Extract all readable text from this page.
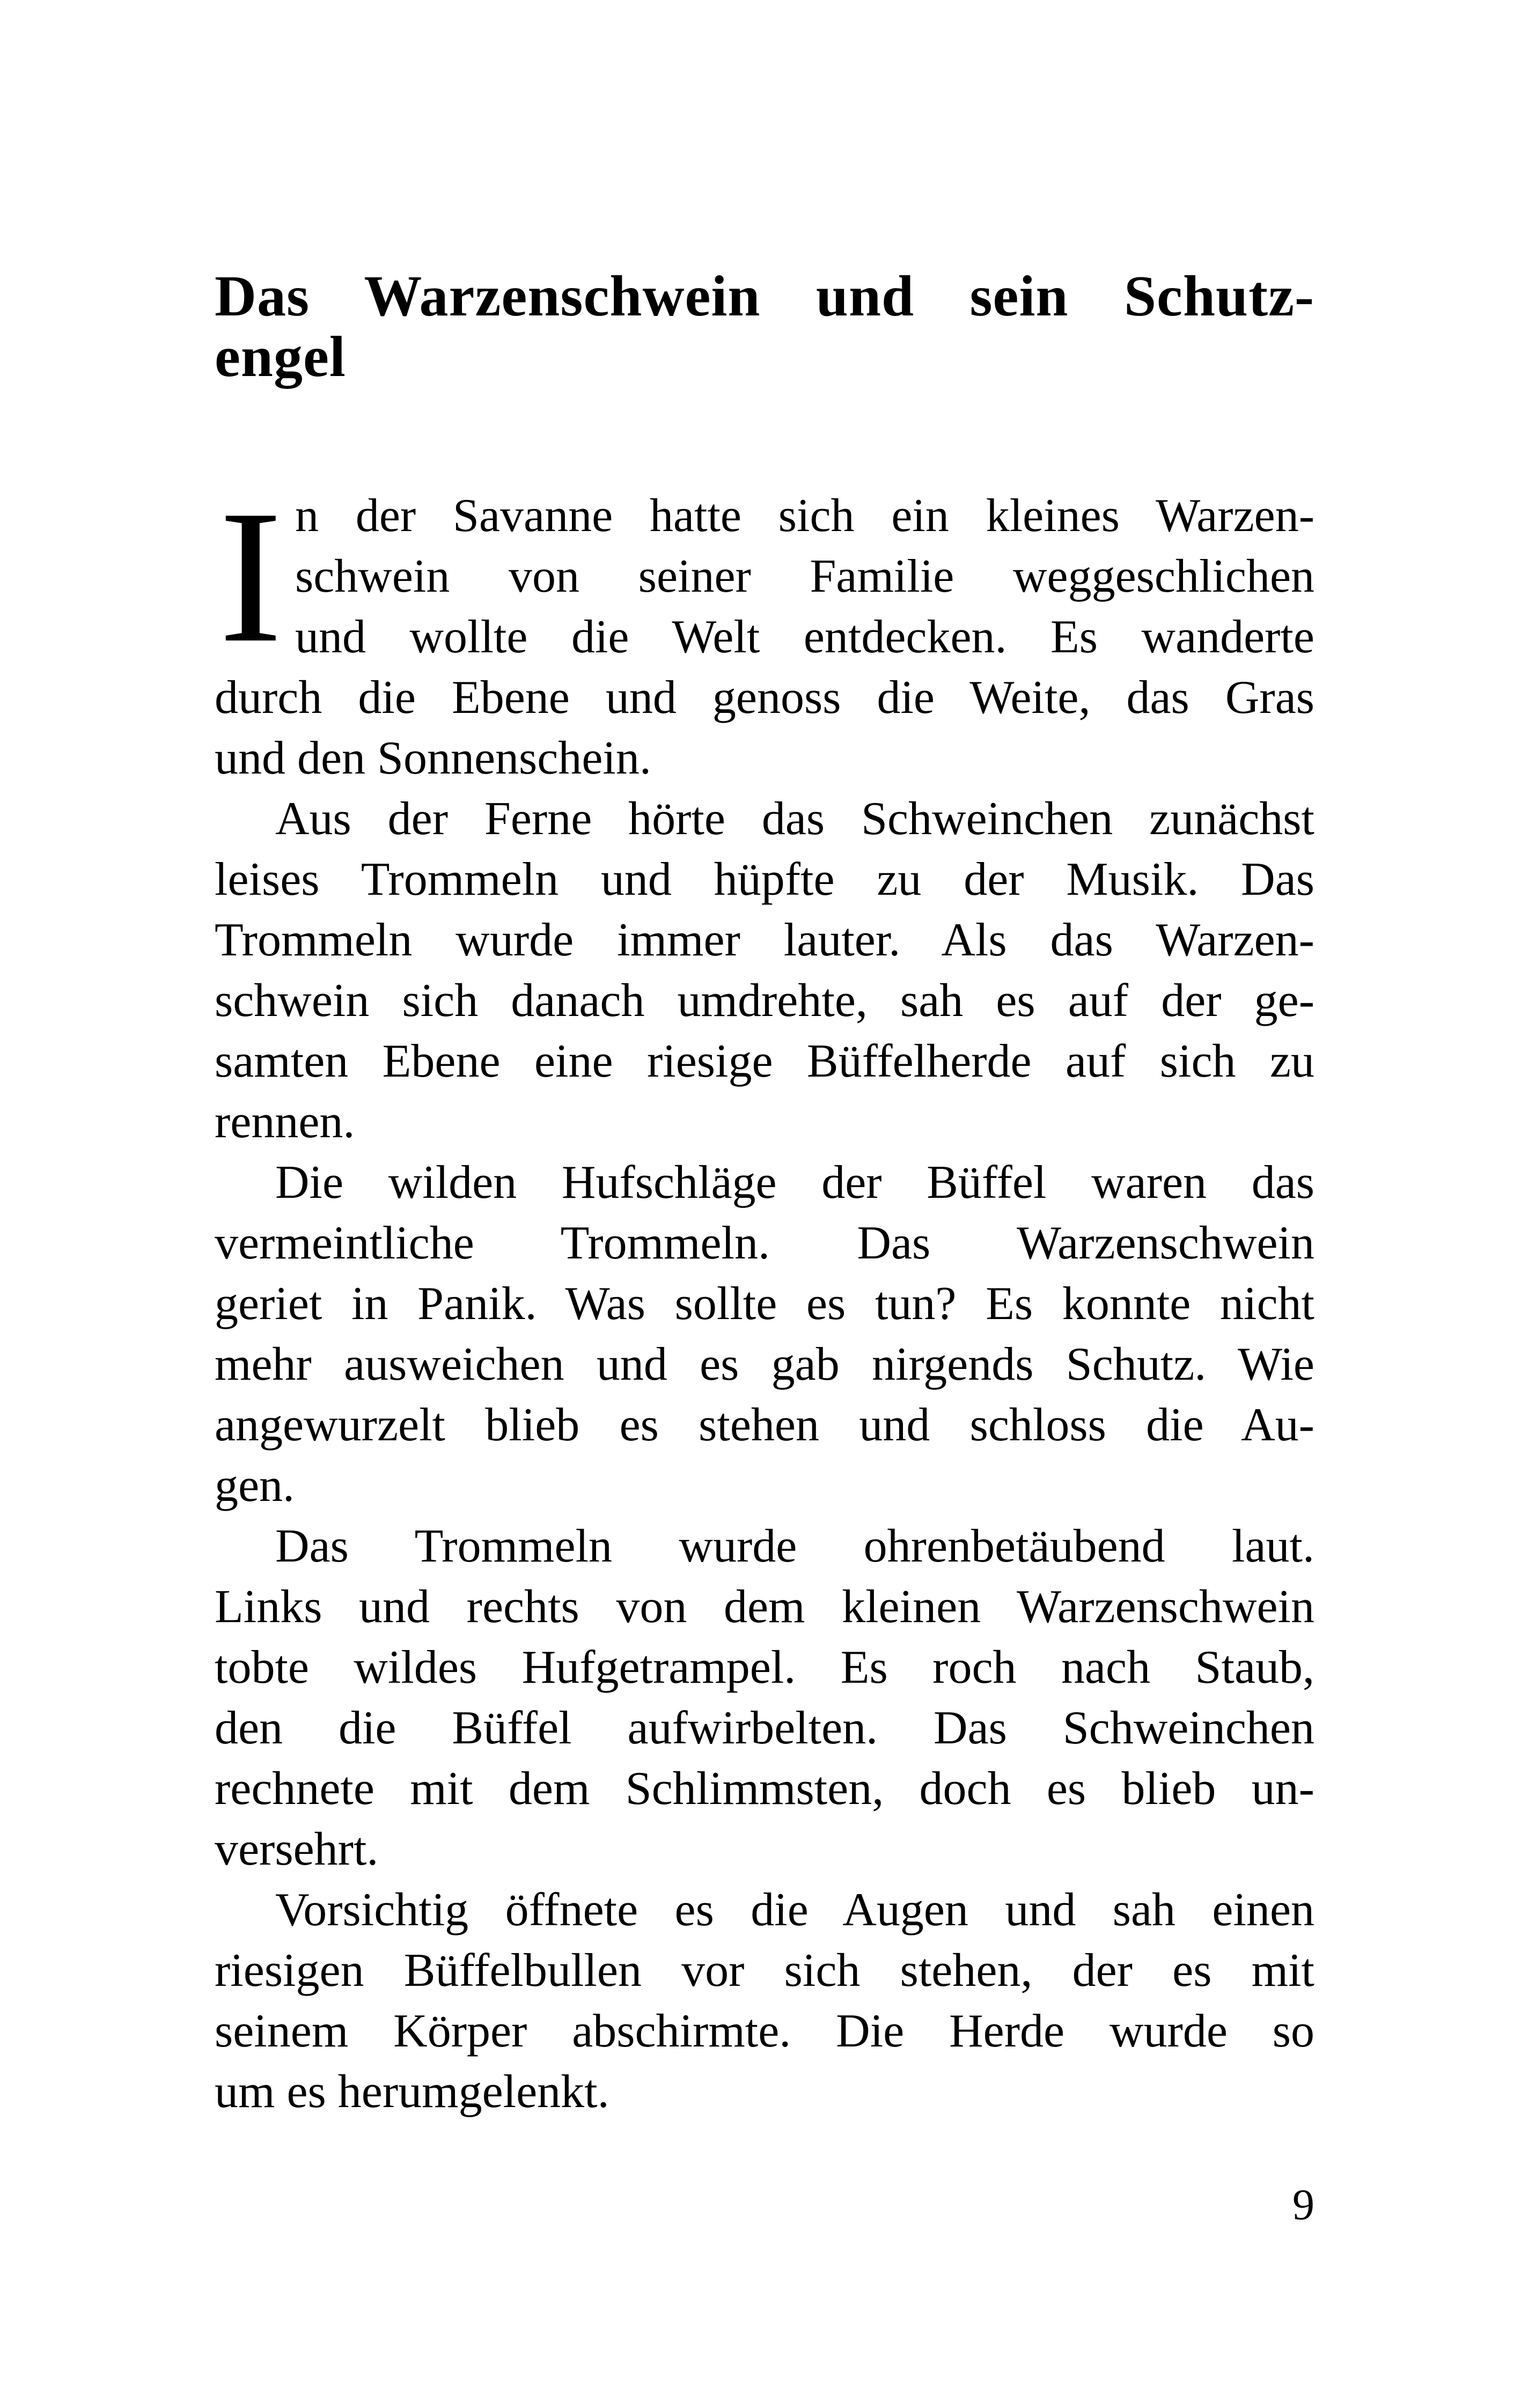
Das Warzenschwein und sein Schutz-
engel
I n der Savanne hatte sich ein kleines Warzen-
schwein von seiner Familie weggeschlichen
und wollte die Welt entdecken. Es wanderte
durch die Ebene und genoss die Weite, das Gras
und den Sonnenschein.
Aus der Ferne hörte das Schweinchen zunächst
leises Trommeln und hüpfte zu der Musik. Das
Trommeln wurde immer lauter. Als das Warzen-
schwein sich danach umdrehte, sah es auf der ge-
samten Ebene eine riesige Büffelherde auf sich zu
rennen.
Die wilden Hufschläge der Büffel waren das
vermeintliche Trommeln. Das Warzenschwein
geriet in Panik. Was sollte es tun? Es konnte nicht
mehr ausweichen und es gab nirgends Schutz. Wie
angewurzelt blieb es stehen und schloss die Au-
gen.
Das Trommeln wurde ohrenbetäubend laut.
Links und rechts von dem kleinen Warzenschwein
tobte wildes Hufgetrampel. Es roch nach Staub,
den die Büffel aufwirbelten. Das Schweinchen
rechnete mit dem Schlimmsten, doch es blieb un-
versehrt.
Vorsichtig öffnete es die Augen und sah einen
riesigen Büffelbullen vor sich stehen, der es mit
seinem Körper abschirmte. Die Herde wurde so
um es herumgelenkt.
9
